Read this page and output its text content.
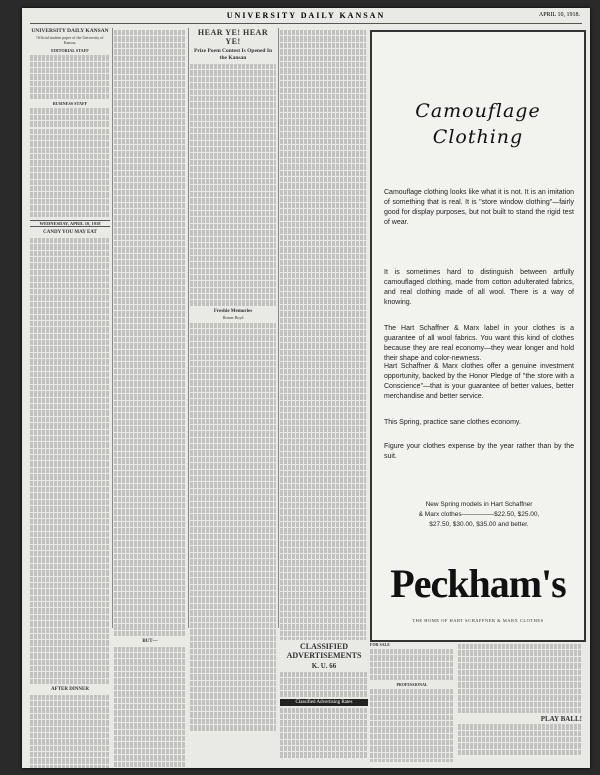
UNIVERSITY DAILY KANSAN	APRIL 10, 1918.
UNIVERSITY DAILY KANSAN
Official student paper of the University of Kansas.
EDITORIAL STAFF
BUSINESS STAFF
WEDNESDAY, APRIL 10, 1918
CANDY YOU MAY EAT
AFTER DINNER
BUT—
HEAR YE! HEAR YE!
Prize Poem Contest Is Opened In the Kansan
Freshie Memories
Homer Boyd
Camouflage
Clothing
Camouflage clothing looks like what it is not. It is an imitation of something that is real. It is "store window clothing"—fairly good for display purposes, but not built to stand the rigid test of wear.
It is sometimes hard to distinguish between artfully camouflaged clothing, made from cotton adulterated fabrics, and real clothing made of all wool. There is a way of knowing.
The Hart Schaffner & Marx label in your clothes is a guarantee of all wool fabrics. You want this kind of clothes because they are real economy—they wear longer and hold their shape and color-newness.
Hart Schaffner & Marx clothes offer a genuine investment opportunity, backed by the Honor Pledge of "the store with a Conscience"—that is your guarantee of better values, better merchandise and better service.
This Spring, practice sane clothes economy.
Figure your clothes expense by the year rather than by the suit.
New Spring models in Hart Schaffner
& Marx clothes—————$22.50, $25.00,
$27.50, $30.00, $35.00 and better.
Peckham's
THE HOME OF HART SCHAFFNER & MARX CLOTHES
CLASSIFIED ADVERTISEMENTS
K. U. 66
Classified Advertising Rates
FOR SALE
PROFESSIONAL
PLAY BALL!
